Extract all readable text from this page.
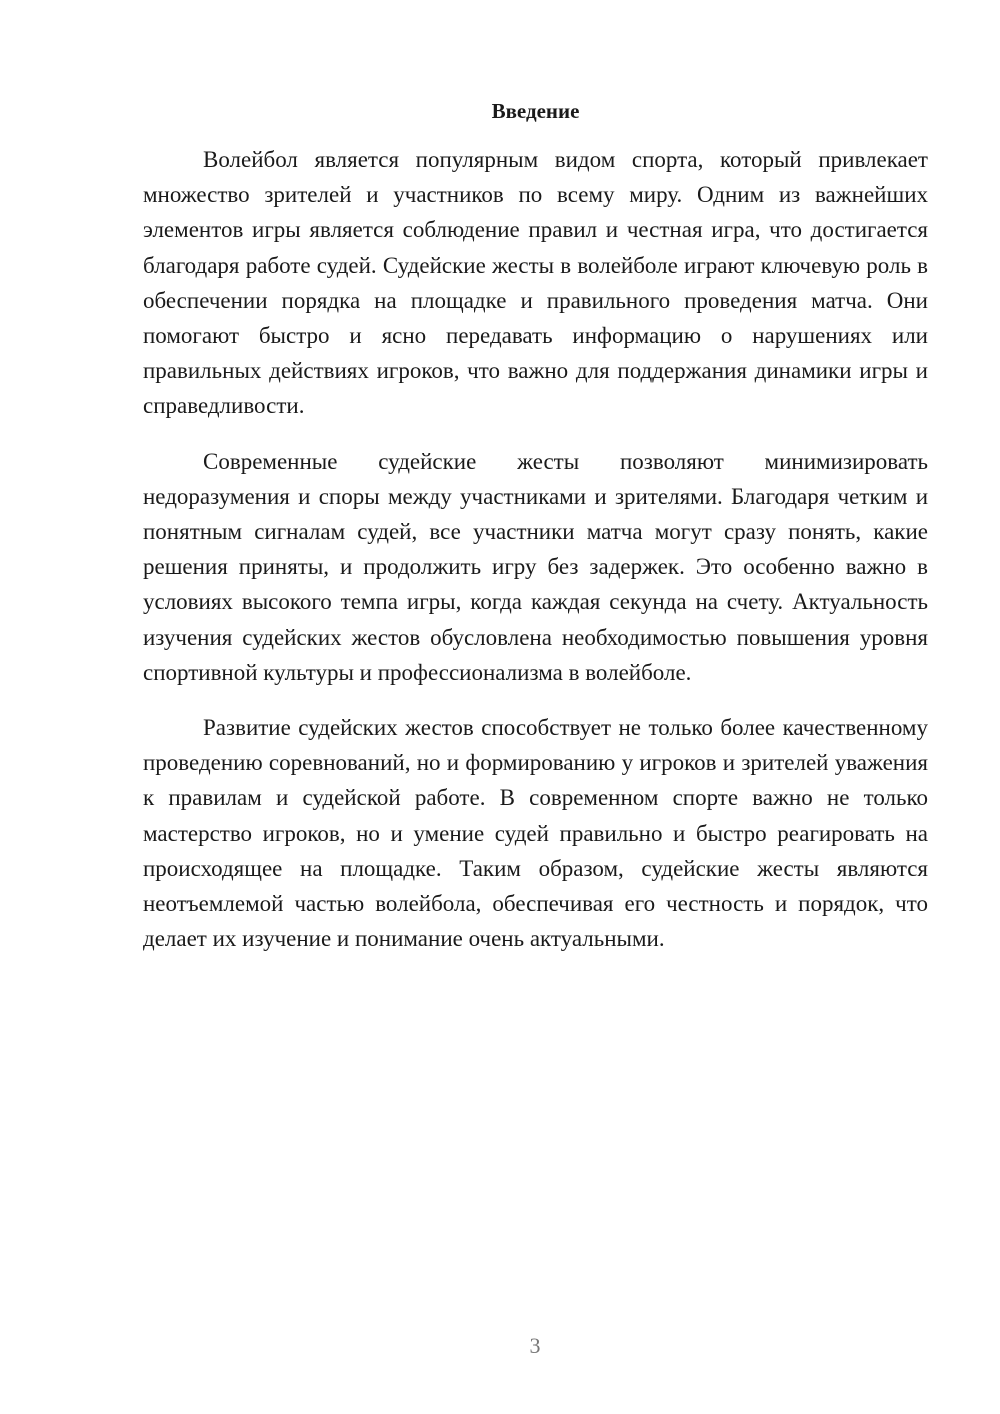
Введение

Волейбол является популярным видом спорта, который привлекает множество зрителей и участников по всему миру. Одним из важнейших элементов игры является соблюдение правил и честная игра, что достигается благодаря работе судей. Судейские жесты в волейболе играют ключевую роль в обеспечении порядка на площадке и правильного проведения матча. Они помогают быстро и ясно передавать информацию о нарушениях или правильных действиях игроков, что важно для поддержания динамики игры и справедливости.

Современные судейские жесты позволяют минимизировать недоразумения и споры между участниками и зрителями. Благодаря четким и понятным сигналам судей, все участники матча могут сразу понять, какие решения приняты, и продолжить игру без задержек. Это особенно важно в условиях высокого темпа игры, когда каждая секунда на счету. Актуальность изучения судейских жестов обусловлена необходимостью повышения уровня спортивной культуры и профессионализма в волейболе.

Развитие судейских жестов способствует не только более качественному проведению соревнований, но и формированию у игроков и зрителей уважения к правилам и судейской работе. В современном спорте важно не только мастерство игроков, но и умение судей правильно и быстро реагировать на происходящее на площадке. Таким образом, судейские жесты являются неотъемлемой частью волейбола, обеспечивая его честность и порядок, что делает их изучение и понимание очень актуальными.

3
